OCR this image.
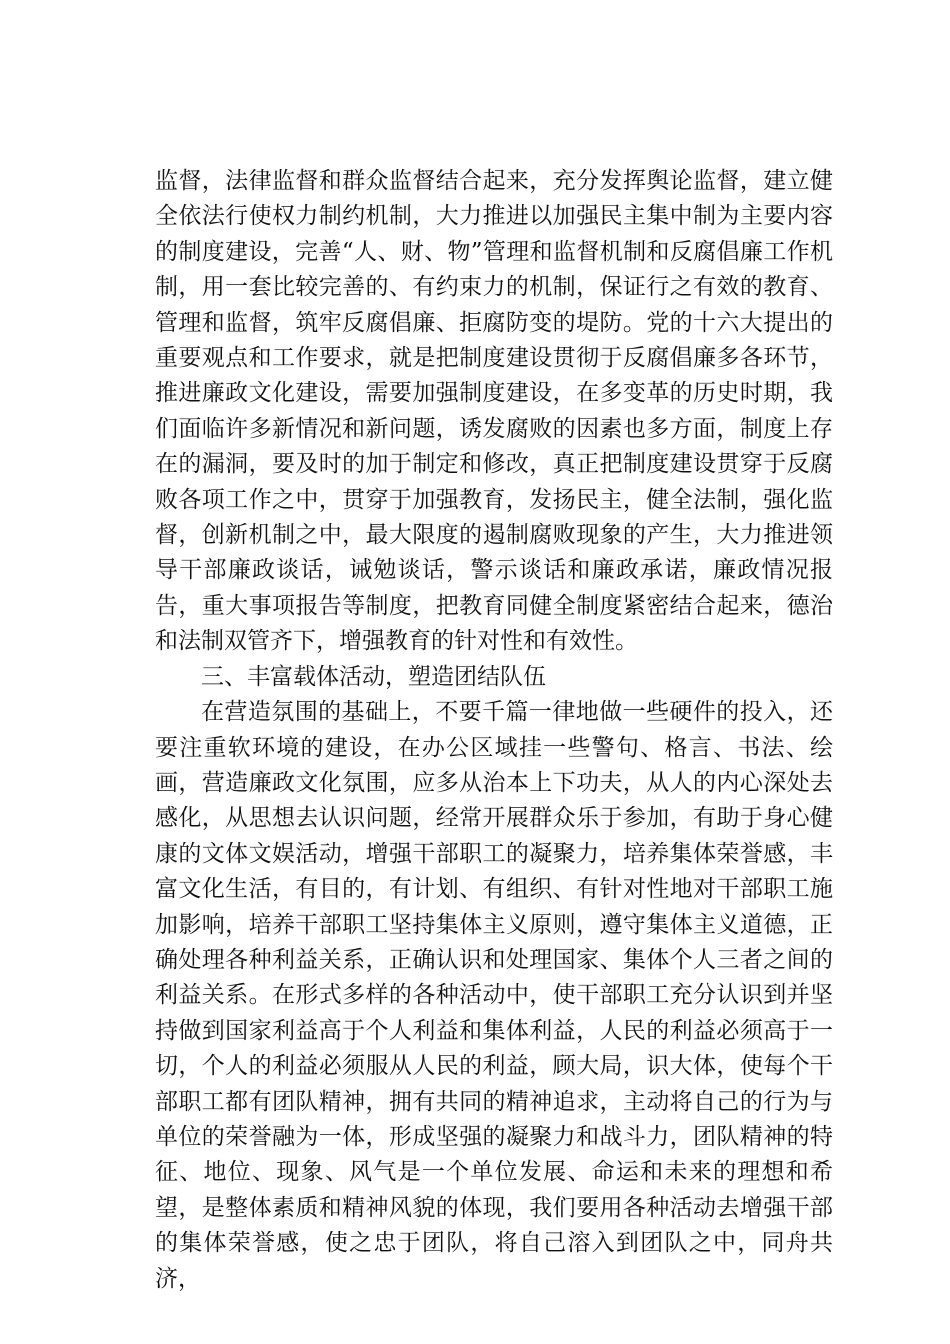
监督，法律监督和群众监督结合起来，充分发挥舆论监督，建立健全依法行使权力制约机制，大力推进以加强民主集中制为主要内容的制度建设，完善“人、财、物”管理和监督机制和反腐倡廉工作机制，用一套比较完善的、有约束力的机制，保证行之有效的教育、管理和监督，筑牢反腐倡廉、拒腐防变的堤防。党的十六大提出的重要观点和工作要求，就是把制度建设贯彻于反腐倡廉多各环节，推进廉政文化建设，需要加强制度建设，在多变革的历史时期，我们面临许多新情况和新问题，诱发腐败的因素也多方面，制度上存在的漏洞，要及时的加于制定和修改，真正把制度建设贯穿于反腐败各项工作之中，贯穿于加强教育，发扬民主，健全法制，强化监督，创新机制之中，最大限度的遏制腐败现象的产生，大力推进领导干部廉政谈话，诫勉谈话，警示谈话和廉政承诺，廉政情况报告，重大事项报告等制度，把教育同健全制度紧密结合起来，德治和法制双管齐下，增强教育的针对性和有效性。

三、丰富载体活动，塑造团结队伍

在营造氛围的基础上，不要千篇一律地做一些硬件的投入，还要注重软环境的建设，在办公区域挂一些警句、格言、书法、绘画，营造廉政文化氛围，应多从治本上下功夫，从人的内心深处去感化，从思想去认识问题，经常开展群众乐于参加，有助于身心健康的文体文娱活动，增强干部职工的凝聚力，培养集体荣誉感，丰富文化生活，有目的，有计划、有组织、有针对性地对干部职工施加影响，培养干部职工坚持集体主义原则，遵守集体主义道德，正确处理各种利益关系，正确认识和处理国家、集体个人三者之间的利益关系。在形式多样的各种活动中，使干部职工充分认识到并坚持做到国家利益高于个人利益和集体利益，人民的利益必须高于一切，个人的利益必须服从人民的利益，顾大局，识大体，使每个干部职工都有团队精神，拥有共同的精神追求，主动将自己的行为与单位的荣誉融为一体，形成坚强的凝聚力和战斗力，团队精神的特征、地位、现象、风气是一个单位发展、命运和未来的理想和希望，是整体素质和精神风貌的体现，我们要用各种活动去增强干部的集体荣誉感，使之忠于团队，将自己溶入到团队之中，同舟共济，
